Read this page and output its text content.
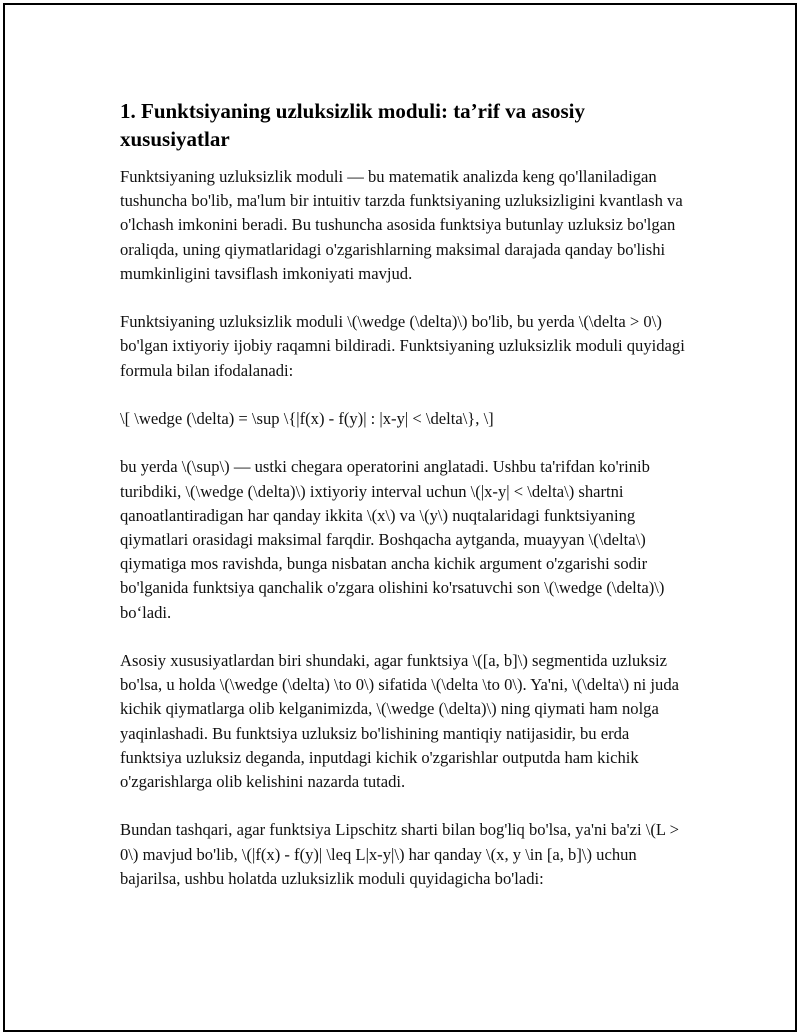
1. Funktsiyaning uzluksizlik moduli: ta’rif va asosiy xususiyatlar

Funktsiyaning uzluksizlik moduli — bu matematik analizda keng qo'llaniladigan tushuncha bo'lib, ma'lum bir intuitiv tarzda funktsiyaning uzluksizligini kvantlash va o'lchash imkonini beradi. Bu tushuncha asosida funktsiya butunlay uzluksiz bo'lgan oraliqda, uning qiymatlaridagi o'zgarishlarning maksimal darajada qanday bo'lishi mumkinligini tavsiflash imkoniyati mavjud.

Funktsiyaning uzluksizlik moduli \(\wedge (\delta)\) bo'lib, bu yerda \(\delta > 0\) bo'lgan ixtiyoriy ijobiy raqamni bildiradi. Funktsiyaning uzluksizlik moduli quyidagi formula bilan ifodalanadi:

\[ \wedge (\delta) = \sup \{|f(x) - f(y)| : |x-y| < \delta\}, \]

bu yerda \(\sup\) — ustki chegara operatorini anglatadi. Ushbu ta'rifdan ko'rinib turibdiki, \(\wedge (\delta)\) ixtiyoriy interval uchun \(|x-y| < \delta\) shartni qanoatlantiradigan har qanday ikkita \(x\) va \(y\) nuqtalaridagi funktsiyaning qiymatlari orasidagi maksimal farqdir. Boshqacha aytganda, muayyan \(\delta\) qiymatiga mos ravishda, bunga nisbatan ancha kichik argument o'zgarishi sodir bo'lganida funktsiya qanchalik o'zgara olishini ko'rsatuvchi son \(\wedge (\delta)\) bo‘ladi.

Asosiy xususiyatlardan biri shundaki, agar funktsiya \([a, b]\) segmentida uzluksiz bo'lsa, u holda \(\wedge (\delta) \to 0\) sifatida \(\delta \to 0\). Ya'ni, \(\delta\) ni juda kichik qiymatlarga olib kelganimizda, \(\wedge (\delta)\) ning qiymati ham nolga yaqinlashadi. Bu funktsiya uzluksiz bo'lishining mantiqiy natijasidir, bu erda funktsiya uzluksiz deganda, inputdagi kichik o'zgarishlar outputda ham kichik o'zgarishlarga olib kelishini nazarda tutadi.

Bundan tashqari, agar funktsiya Lipschitz sharti bilan bog'liq bo'lsa, ya'ni ba'zi \(L > 0\) mavjud bo'lib, \(|f(x) - f(y)| \leq L|x-y|\) har qanday \(x, y \in [a, b]\) uchun bajarilsa, ushbu holatda uzluksizlik moduli quyidagicha bo'ladi:
